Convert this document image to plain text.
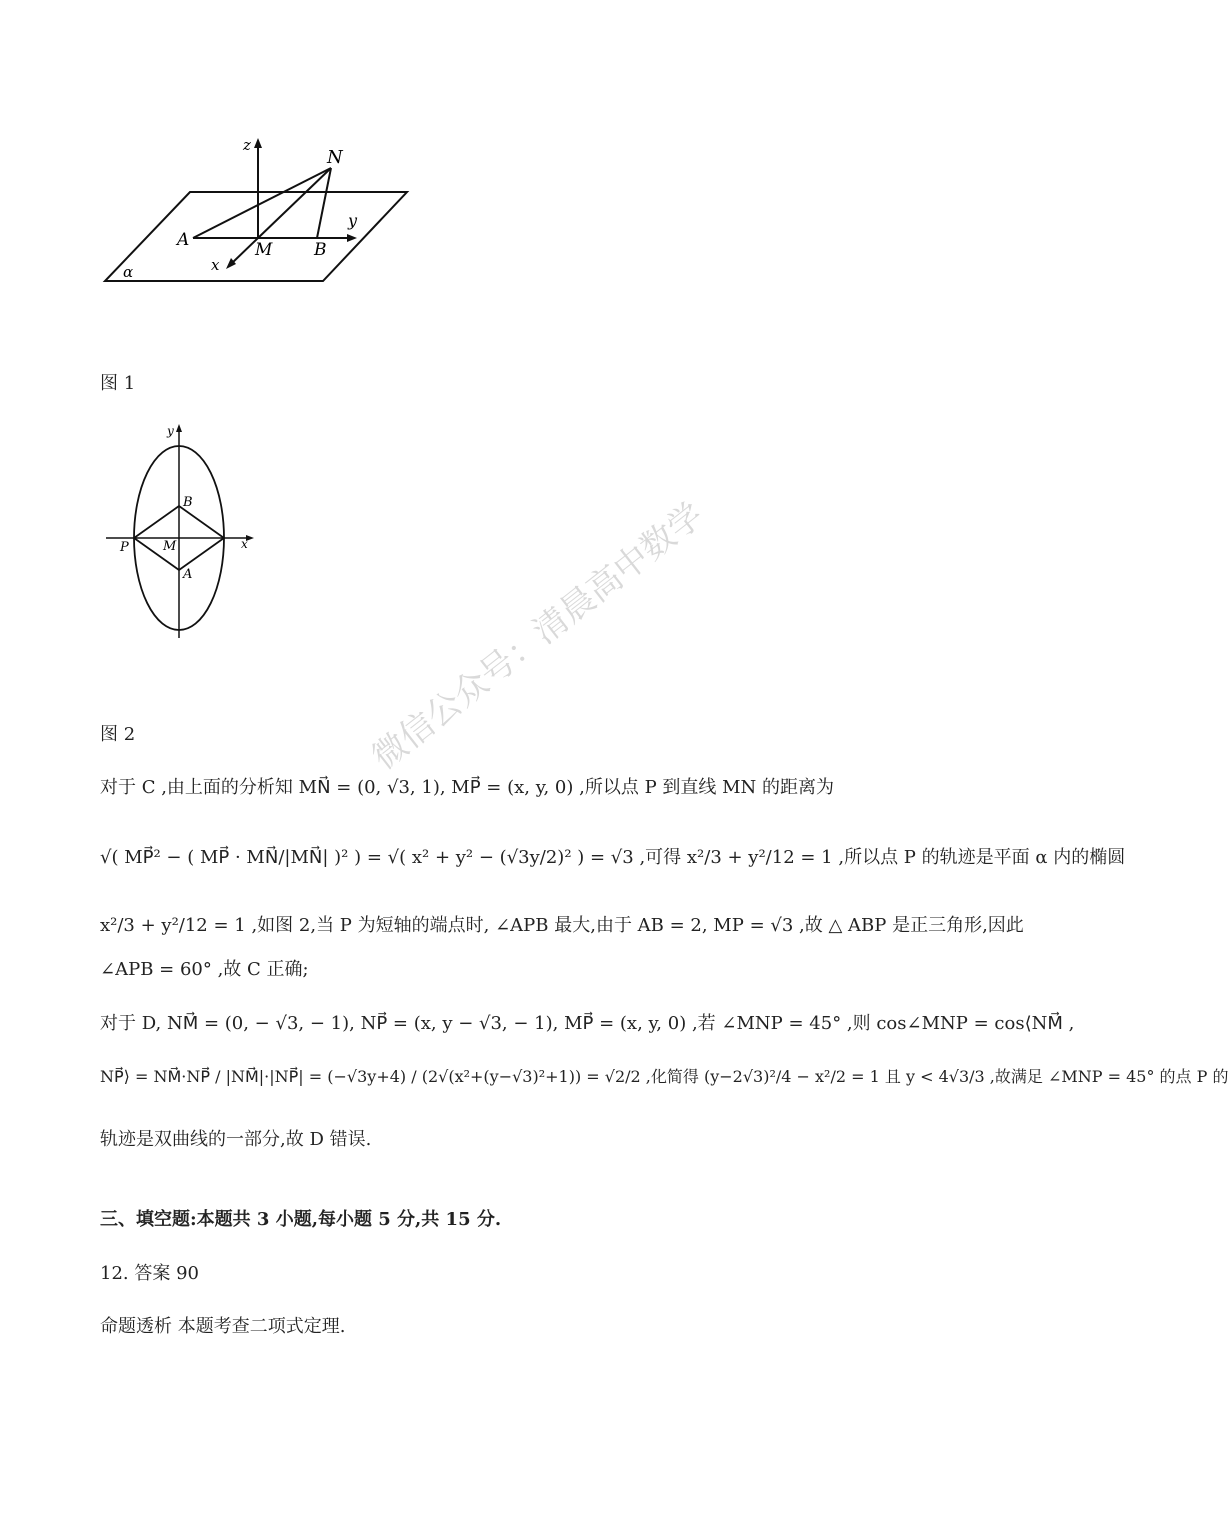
微信公众号：清晨高中数学
z
N
y
A	M B
x
α
图 1
y
B
P	M
A
x
图 2
对于 C ,由上面的分析知 MN⃗ = (0, √3, 1), MP⃗ = (x, y, 0) ,所以点 P 到直线 MN 的距离为
√( MP⃗² − ( MP⃗ · MN⃗/|MN⃗| )² ) = √( x² + y² − (√3y/2)² ) = √3 ,可得 x²/3 + y²/12 = 1 ,所以点 P 的轨迹是平面 α 内的椭圆
x²/3 + y²/12 = 1 ,如图 2,当 P 为短轴的端点时, ∠APB 最大,由于 AB = 2, MP = √3 ,故 △ ABP 是正三角形,因此
∠APB = 60° ,故 C 正确;
对于 D, NM⃗ = (0, − √3, − 1), NP⃗ = (x, y − √3, − 1), MP⃗ = (x, y, 0) ,若 ∠MNP = 45° ,则 cos∠MNP = cos⟨NM⃗ ,
NP⃗⟩ = NM⃗·NP⃗ / |NM⃗|·|NP⃗| = (−√3y+4) / (2√(x²+(y−√3)²+1)) = √2/2 ,化简得 (y−2√3)²/4 − x²/2 = 1 且 y < 4√3/3 ,故满足 ∠MNP = 45° 的点 P 的
轨迹是双曲线的一部分,故 D 错误.
三、填空题:本题共 3 小题,每小题 5 分,共 15 分.
12. 答案 90
命题透析 本题考查二项式定理.
